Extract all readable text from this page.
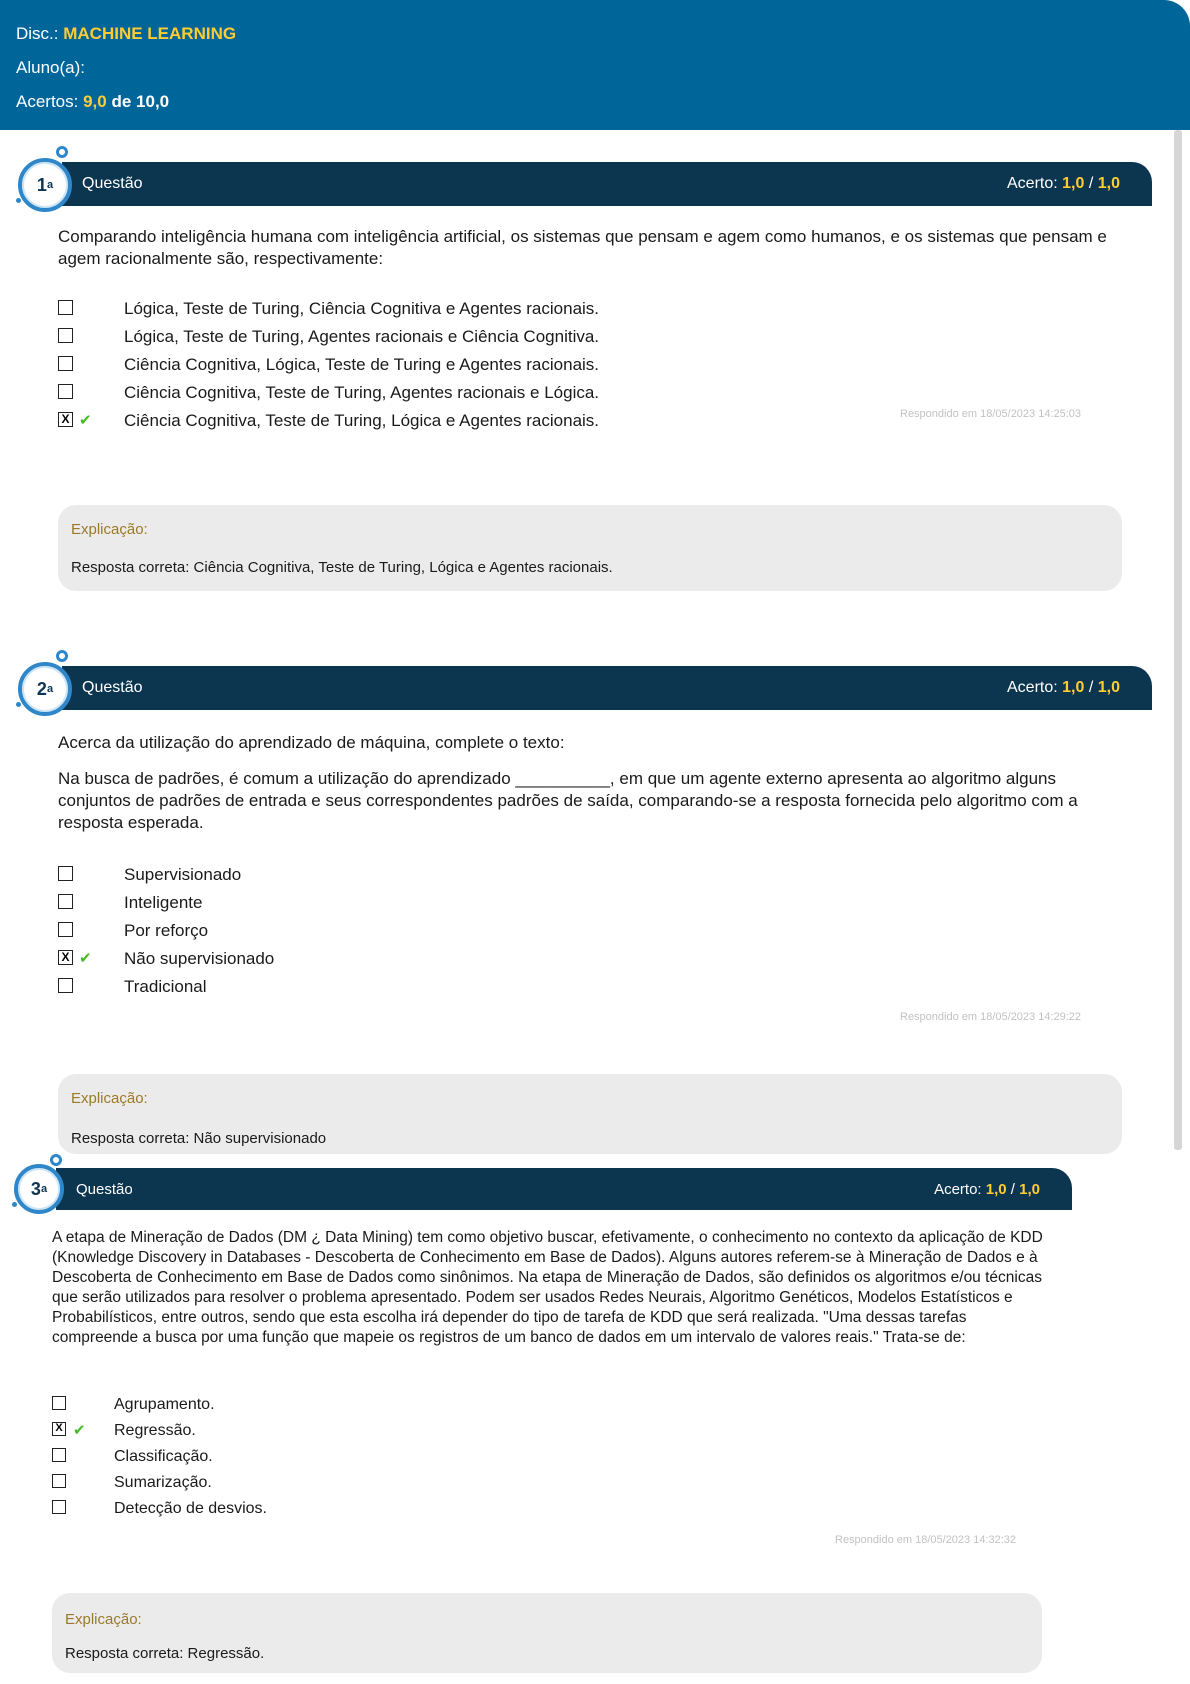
Disc.: MACHINE LEARNING
Aluno(a):
Acertos: 9,0 de 10,0
Questão	Acerto: 1,0 / 1,0
1 a

Comparando inteligência humana com inteligência artificial, os sistemas que pensam e agem como humanos, e os sistemas que pensam e agem racionalmente são, respectivamente:

Lógica, Teste de Turing, Ciência Cognitiva e Agentes racionais.
Lógica, Teste de Turing, Agentes racionais e Ciência Cognitiva.
Ciência Cognitiva, Lógica, Teste de Turing e Agentes racionais.
Ciência Cognitiva, Teste de Turing, Agentes racionais e Lógica.
X ✔ Ciência Cognitiva, Teste de Turing, Lógica e Agentes racionais.	Respondido em 18/05/2023 14:25:03
Explicação:
Resposta correta: Ciência Cognitiva, Teste de Turing, Lógica e Agentes racionais.
Questão	Acerto: 1,0 / 1,0
2 a

Acerca da utilização do aprendizado de máquina, complete o texto:

Na busca de padrões, é comum a utilização do aprendizado __________, em que um agente externo apresenta ao algoritmo alguns conjuntos de padrões de entrada e seus correspondentes padrões de saída, comparando-se a resposta fornecida pelo algoritmo com a resposta esperada.

Supervisionado
Inteligente
Por reforço
X ✔ Não supervisionado
Tradicional
Respondido em 18/05/2023 14:29:22
Explicação:
Resposta correta: Não supervisionado
Questão	Acerto: 1,0 / 1,0
3 a

A etapa de Mineração de Dados (DM ¿ Data Mining) tem como objetivo buscar, efetivamente, o conhecimento no contexto da aplicação de KDD (Knowledge Discovery in Databases - Descoberta de Conhecimento em Base de Dados). Alguns autores referem-se à Mineração de Dados e à Descoberta de Conhecimento em Base de Dados como sinônimos. Na etapa de Mineração de Dados, são definidos os algoritmos e/ou técnicas que serão utilizados para resolver o problema apresentado. Podem ser usados Redes Neurais, Algoritmo Genéticos, Modelos Estatísticos e Probabilísticos, entre outros, sendo que esta escolha irá depender do tipo de tarefa de KDD que será realizada. "Uma dessas tarefas compreende a busca por uma função que mapeie os registros de um banco de dados em um intervalo de valores reais." Trata-se de:

Agrupamento.
X ✔ Regressão.
Classificação.
Sumarização.
Detecção de desvios.
Respondido em 18/05/2023 14:32:32
Explicação:
Resposta correta: Regressão.
